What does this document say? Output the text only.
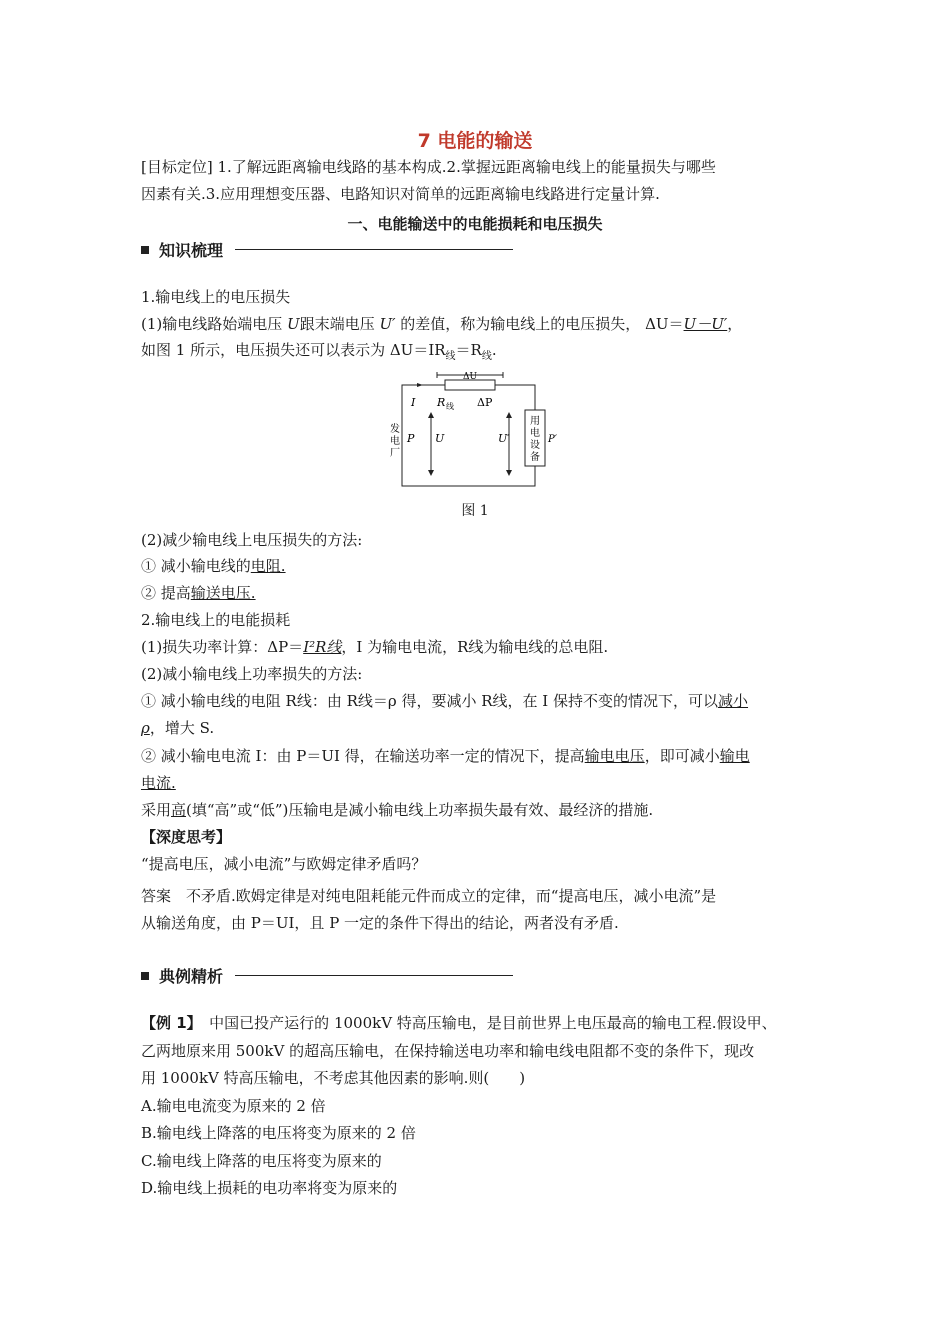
7 电能的输送
[目标定位] 1.了解远距离输电线路的基本构成.2.掌握远距离输电线上的能量损失与哪些
因素有关.3.应用理想变压器、电路知识对简单的远距离输电线路进行定量计算.
一、电能输送中的电能损耗和电压损失
知识梳理
1.输电线上的电压损失
(1)输电线路始端电压 U跟末端电压 U′ 的差值，称为输电线上的电压损失， ΔU＝U－U′，
如图 1 所示，电压损失还可以表示为 $\Delta U=IR_线=R_线$.
ΔU
I R 线 ΔP
发
电
厂
P U	U′
用
电
设
备
P′
图 1
(2)减少输电线上电压损失的方法:
① 减小输电线的电阻.
② 提高输送电压.
2.输电线上的电能损耗
(1)损失功率计算：ΔP＝I²R线，I 为输电电流，R线为输电线的总电阻.
(2)减小输电线上功率损失的方法:
① 减小输电线的电阻 R线：由 R线＝ρ 得，要减小 R线，在 I 保持不变的情况下，可以减小
ρ，增大 S.
② 减小输电电流 I：由 P＝UI 得，在输送功率一定的情况下，提高输电电压，即可减小输电
电流.
采用高(填“高”或“低”)压输电是减小输电线上功率损失最有效、最经济的措施.
【深度思考】
“提高电压，减小电流”与欧姆定律矛盾吗？
答案　不矛盾.欧姆定律是对纯电阻耗能元件而成立的定律，而“提高电压，减小电流”是
从输送角度，由 P＝UI，且 P 一定的条件下得出的结论，两者没有矛盾.
典例精析
【例 1】　中国已投产运行的 1000kV 特高压输电，是目前世界上电压最高的输电工程.假设甲、
乙两地原来用 500kV 的超高压输电，在保持输送电功率和输电线电阻都不变的条件下，现改
用 1000kV 特高压输电，不考虑其他因素的影响.则(　　)
A.输电电流变为原来的 2 倍
B.输电线上降落的电压将变为原来的 2 倍
C.输电线上降落的电压将变为原来的
D.输电线上损耗的电功率将变为原来的
